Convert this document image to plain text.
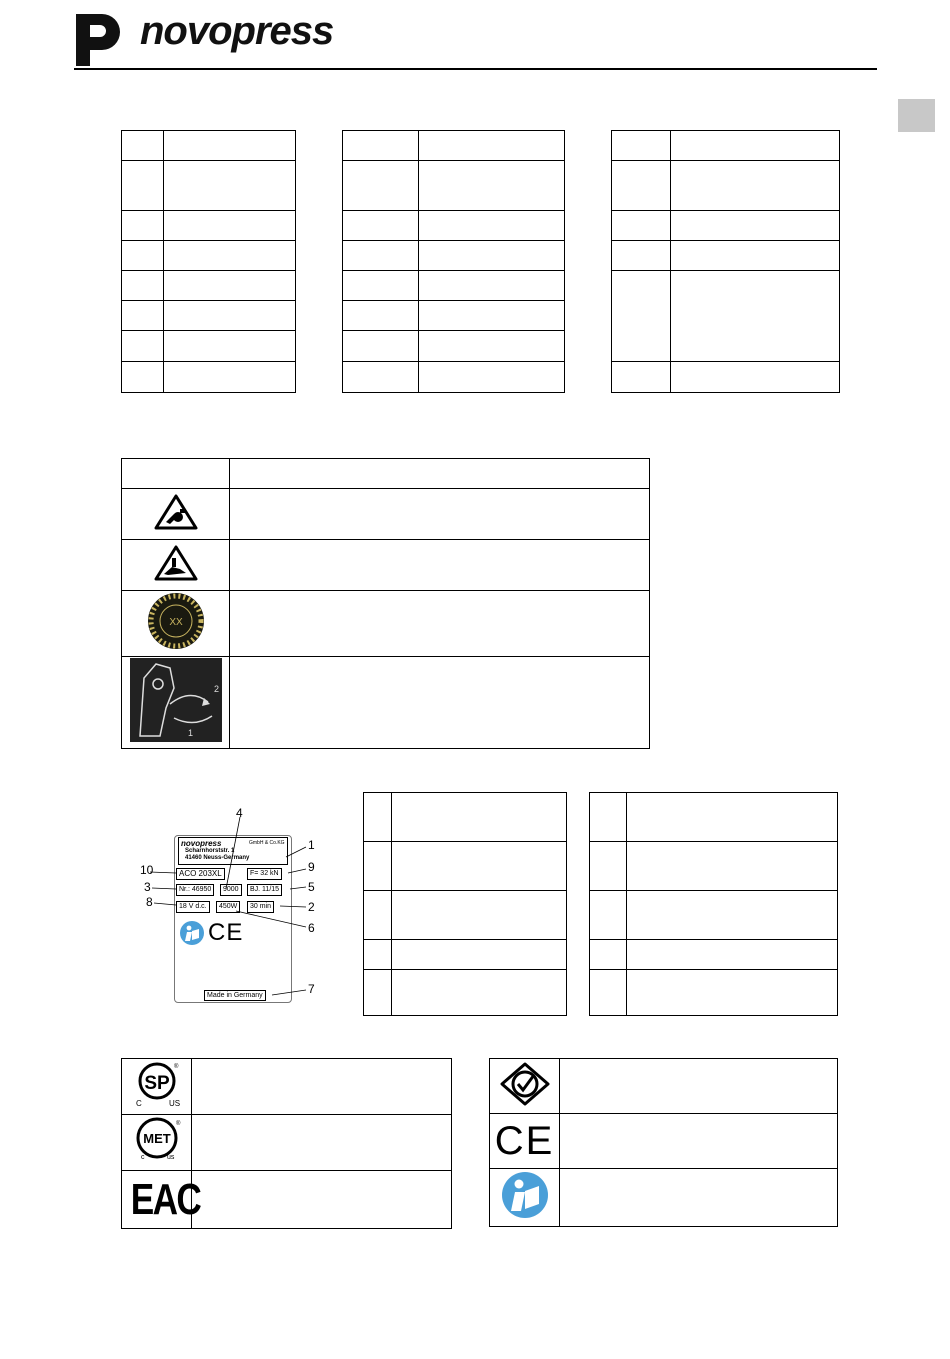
novopress

XX	

2
1	

novopress	GmbH & Co.KG
Scharnhorststr. 1
41460 Neuss-Germany
ACO 203XL	F= 32 kN
Nr.: 46950	9000	BJ. 11/15
18 V d.c.	450W	30 min
CE
Made in Germany
4
1
9
10
3	5
8	2
6
7

SP
C US
®	

MET
c us
®	

EAC	

CE	
